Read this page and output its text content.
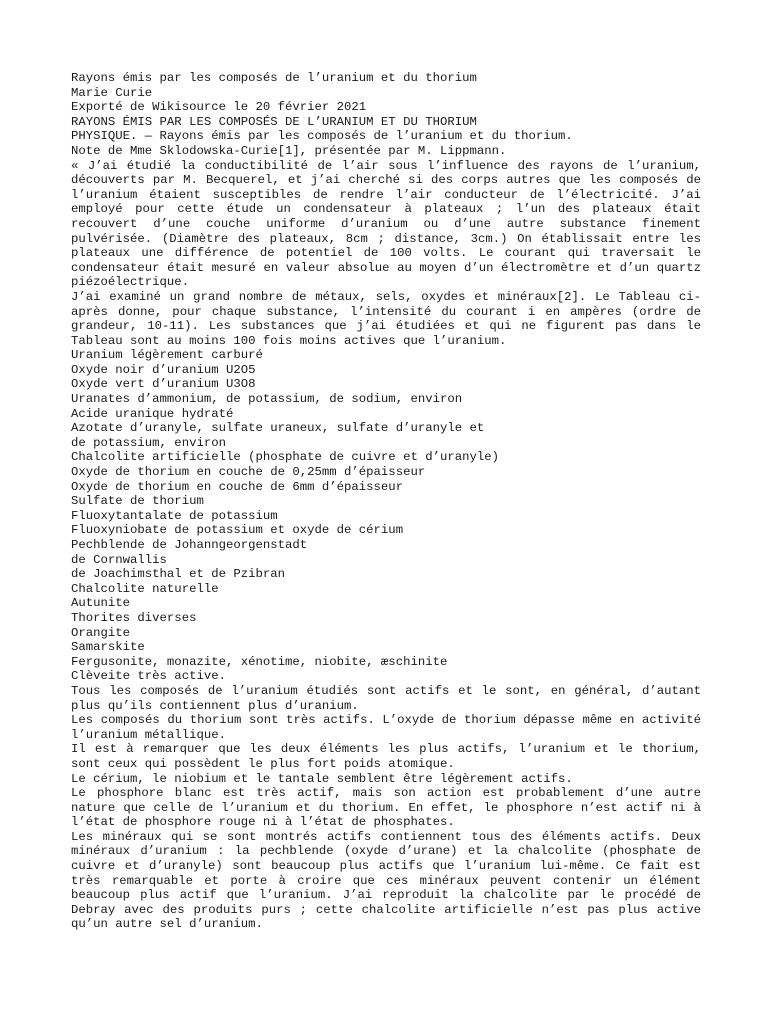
Rayons émis par les composés de l’uranium et du thorium
Marie Curie
Exporté de Wikisource le 20 février 2021
RAYONS ÉMIS PAR LES COMPOSÉS DE L’URANIUM ET DU THORIUM
PHYSIQUE. — Rayons émis par les composés de l’uranium et du thorium.
Note de Mme Sklodowska-Curie[1], présentée par M. Lippmann.

« J’ai étudié la conductibilité de l’air sous l’influence des rayons de l’uranium, découverts par M. Becquerel, et j’ai cherché si des corps autres que les composés de l’uranium étaient susceptibles de rendre l’air conducteur de l’électricité. J’ai employé pour cette étude un condensateur à plateaux ; l’un des plateaux était recouvert d’une couche uniforme d’uranium ou d’une autre substance finement pulvérisée. (Diamètre des plateaux, 8cm ; distance, 3cm.) On établissait entre les plateaux une différence de potentiel de 100 volts. Le courant qui traversait le condensateur était mesuré en valeur absolue au moyen d’un électromètre et d’un quartz piézoélectrique.

J’ai examiné un grand nombre de métaux, sels, oxydes et minéraux[2]. Le Tableau ci-après donne, pour chaque substance, l’intensité du courant i en ampères (ordre de grandeur, 10-11). Les substances que j’ai étudiées et qui ne figurent pas dans le Tableau sont au moins 100 fois moins actives que l’uranium.

Uranium légèrement carburé
Oxyde noir d’uranium U2O5
Oxyde vert d’uranium U3O8
Uranates d’ammonium, de potassium, de sodium, environ
Acide uranique hydraté
Azotate d’uranyle, sulfate uraneux, sulfate d’uranyle et
de potassium, environ
Chalcolite artificielle (phosphate de cuivre et d’uranyle)
Oxyde de thorium en couche de 0,25mm d’épaisseur
Oxyde de thorium en couche de 6mm d’épaisseur
Sulfate de thorium
Fluoxytantalate de potassium
Fluoxyniobate de potassium et oxyde de cérium
Pechblende de Johanngeorgenstadt
de Cornwallis
de Joachimsthal et de Pzibran
Chalcolite naturelle
Autunite
Thorites diverses
Orangite
Samarskite
Fergusonite, monazite, xénotime, niobite, æschinite
Clèveite très active.

Tous les composés de l’uranium étudiés sont actifs et le sont, en général, d’autant plus qu’ils contiennent plus d’uranium.

Les composés du thorium sont très actifs. L’oxyde de thorium dépasse même en activité l’uranium métallique.

Il est à remarquer que les deux éléments les plus actifs, l’uranium et le thorium, sont ceux qui possèdent le plus fort poids atomique.

Le cérium, le niobium et le tantale semblent être légèrement actifs.

Le phosphore blanc est très actif, mais son action est probablement d’une autre nature que celle de l’uranium et du thorium. En effet, le phosphore n’est actif ni à l’état de phosphore rouge ni à l’état de phosphates.

Les minéraux qui se sont montrés actifs contiennent tous des éléments actifs. Deux minéraux d’uranium : la pechblende (oxyde d’urane) et la chalcolite (phosphate de cuivre et d’uranyle) sont beaucoup plus actifs que l’uranium lui-même. Ce fait est très remarquable et porte à croire que ces minéraux peuvent contenir un élément beaucoup plus actif que l’uranium. J’ai reproduit la chalcolite par le procédé de Debray avec des produits purs ; cette chalcolite artificielle n’est pas plus active qu’un autre sel d’uranium.
